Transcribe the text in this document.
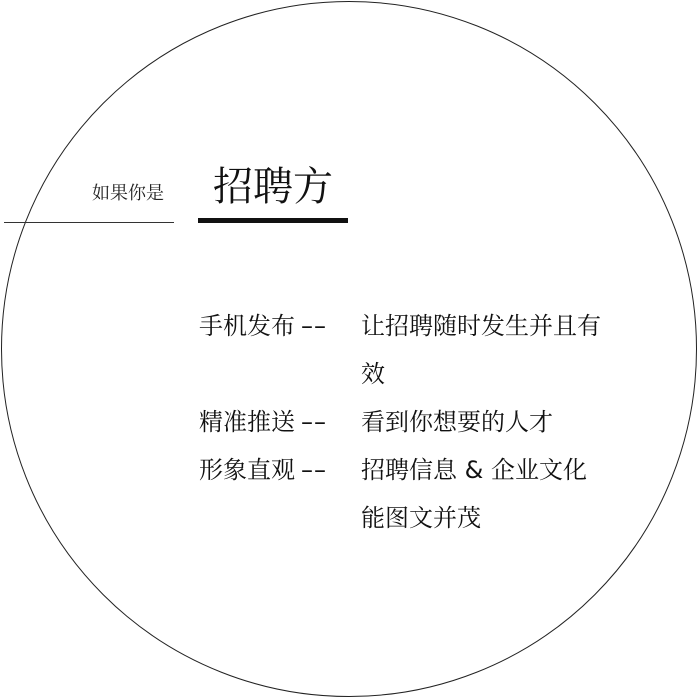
如果你是 招聘方
手机发布 ––	让招聘随时发生并且有效
精准推送 ––	看到你想要的人才
形象直观 ––	招聘信息 & 企业文化能图文并茂
